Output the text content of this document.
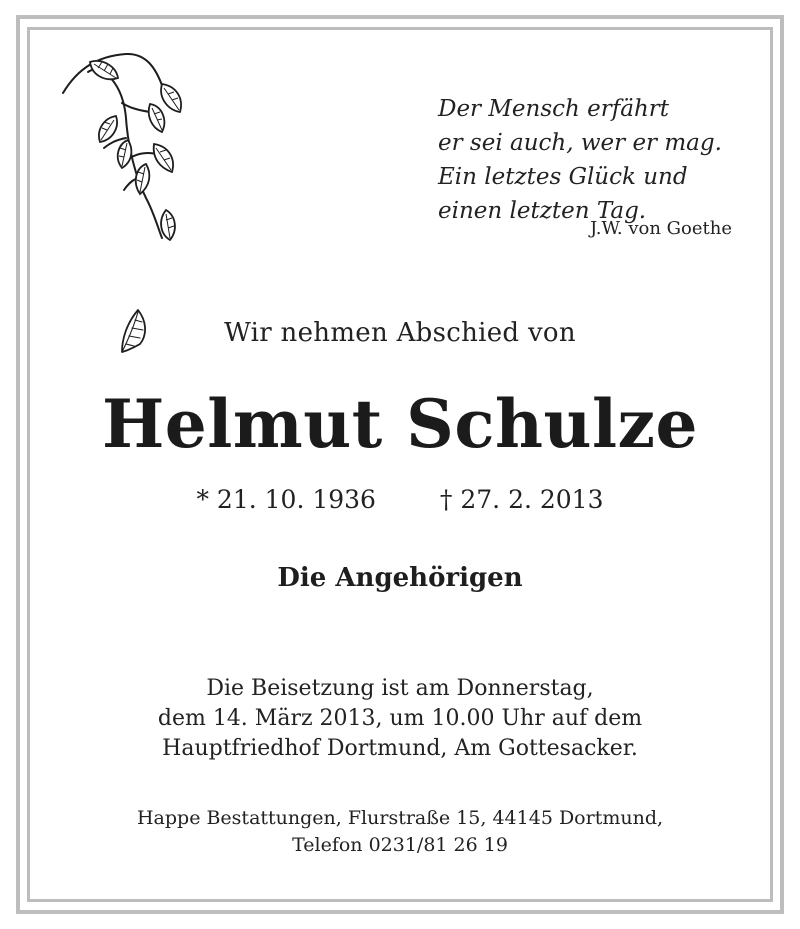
Der Mensch erfährt
er sei auch, wer er mag.
Ein letztes Glück und
einen letzten Tag.
J.W. von Goethe
Wir nehmen Abschied von
Helmut Schulze
* 21. 10. 1936	† 27. 2. 2013
Die Angehörigen
Die Beisetzung ist am Donnerstag,
dem 14. März 2013, um 10.00 Uhr auf dem
Hauptfriedhof Dortmund, Am Gottesacker.
Happe Bestattungen, Flurstraße 15, 44145 Dortmund,
Telefon 0231/81 26 19
